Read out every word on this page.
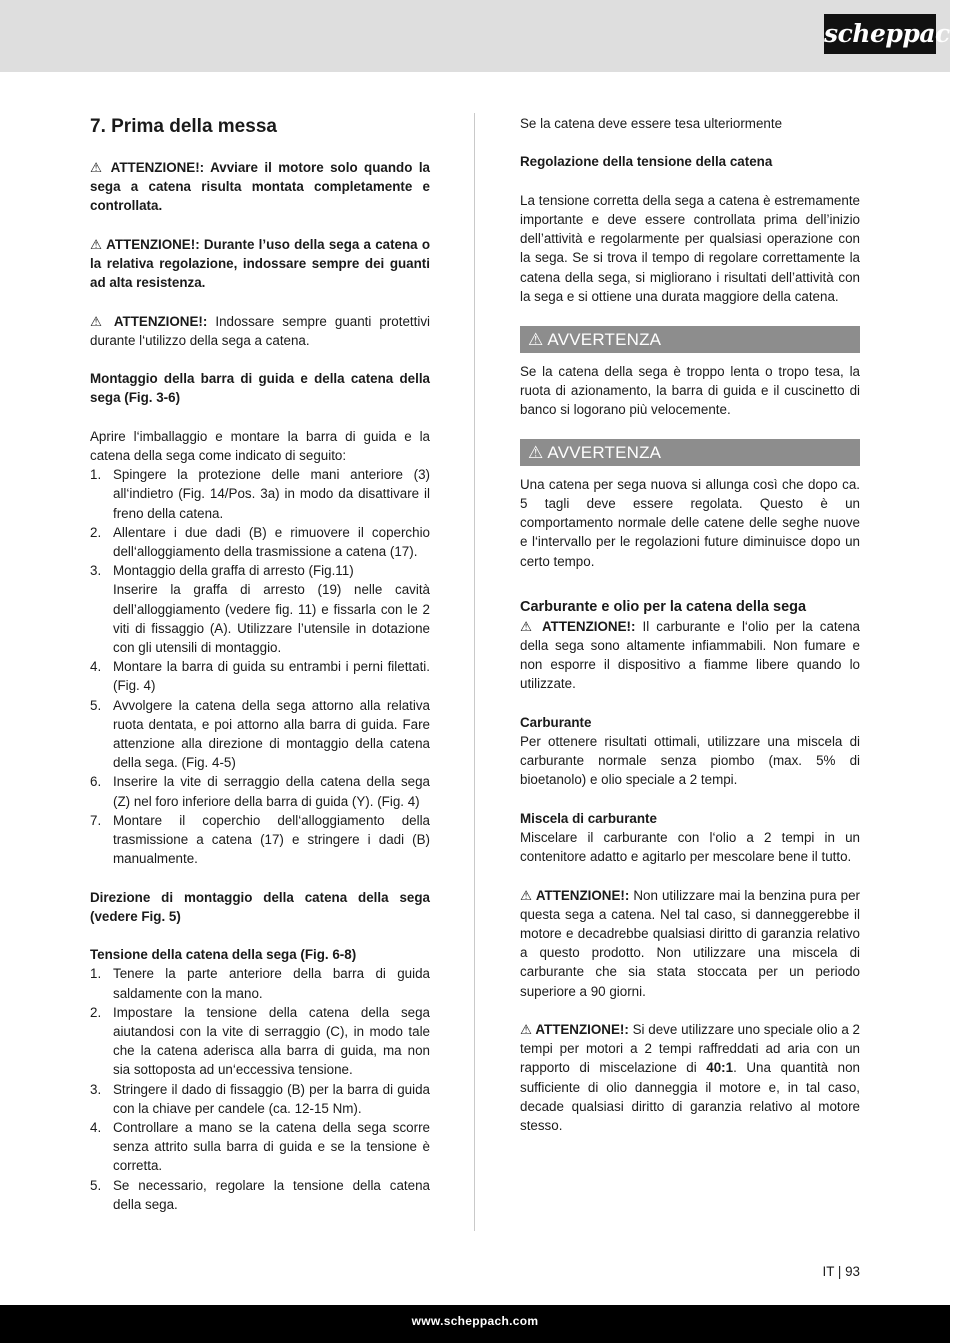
scheppach
7. Prima della messa

⚠ ATTENZIONE!: Avviare il motore solo quando la sega a catena risulta montata completamente e controllata.

⚠ ATTENZIONE!: Durante l’uso della sega a catena o la relativa regolazione, indossare sempre dei guanti ad alta resistenza.

⚠ ATTENZIONE!: Indossare sempre guanti protettivi durante l‘utilizzo della sega a catena.

Montaggio della barra di guida e della catena della sega (Fig. 3-6)

Aprire l‘imballaggio e montare la barra di guida e la catena della sega come indicato di seguito:

1. Spingere la protezione delle mani anteriore (3) all‘indietro (Fig. 14/Pos. 3a) in modo da disattivare il freno della catena.
2. Allentare i due dadi (B) e rimuovere il coperchio dell‘alloggiamento della trasmissione a catena (17).
3. Montaggio della graffa di arresto (Fig.11)
Inserire la graffa di arresto (19) nelle cavità dell’alloggiamento (vedere fig. 11) e fissarla con le 2 viti di fissaggio (A). Utilizzare l’utensile in dotazione con gli utensili di montaggio.
4. Montare la barra di guida su entrambi i perni filettati. (Fig. 4)
5. Avvolgere la catena della sega attorno alla relativa ruota dentata, e poi attorno alla barra di guida. Fare attenzione alla direzione di montaggio della catena della sega. (Fig. 4-5)
6. Inserire la vite di serraggio della catena della sega (Z) nel foro inferiore della barra di guida (Y). (Fig. 4)
7. Montare il coperchio dell‘alloggiamento della trasmissione a catena (17) e stringere i dadi (B) manualmente.

Direzione di montaggio della catena della sega (vedere Fig. 5)

Tensione della catena della sega (Fig. 6-8)

1. Tenere la parte anteriore della barra di guida saldamente con la mano.
2. Impostare la tensione della catena della sega aiutandosi con la vite di serraggio (C), in modo tale che la catena aderisca alla barra di guida, ma non sia sottoposta ad un‘eccessiva tensione.
3. Stringere il dado di fissaggio (B) per la barra di guida con la chiave per candele (ca. 12-15 Nm).
4. Controllare a mano se la catena della sega scorre senza attrito sulla barra di guida e se la tensione è corretta.
5. Se necessario, regolare la tensione della catena della sega.

Se la catena deve essere tesa ulteriormente

Regolazione della tensione della catena

La tensione corretta della sega a catena è estremamente importante e deve essere controllata prima dell’inizio dell’attività e regolarmente per qualsiasi operazione con la sega. Se si trova il tempo di regolare correttamente la catena della sega, si migliorano i risultati dell’attività con la sega e si ottiene una durata maggiore della catena.

⚠ AVVERTENZA

Se la catena della sega è troppo lenta o tropo tesa, la ruota di azionamento, la barra di guida e il cuscinetto di banco si logorano più velocemente.

⚠ AVVERTENZA

Una catena per sega nuova si allunga così che dopo ca. 5 tagli deve essere regolata. Questo è un comportamento normale delle catene delle seghe nuove e l‘intervallo per le regolazioni future diminuisce dopo un certo tempo.

Carburante e olio per la catena della sega

⚠ ATTENZIONE!: Il carburante e l‘olio per la catena della sega sono altamente infiammabili. Non fumare e non esporre il dispositivo a fiamme libere quando lo utilizzate.

Carburante

Per ottenere risultati ottimali, utilizzare una miscela di carburante normale senza piombo (max. 5% di bioetanolo) e olio speciale a 2 tempi.

Miscela di carburante

Miscelare il carburante con l‘olio a 2 tempi in un contenitore adatto e agitarlo per mescolare bene il tutto.

⚠ ATTENZIONE!: Non utilizzare mai la benzina pura per questa sega a catena. Nel tal caso, si danneggerebbe il motore e decadrebbe qualsiasi diritto di garanzia relativo a questo prodotto. Non utilizzare una miscela di carburante che sia stata stoccata per un periodo superiore a 90 giorni.

⚠ ATTENZIONE!: Si deve utilizzare uno speciale olio a 2 tempi per motori a 2 tempi raffreddati ad aria con un rapporto di miscelazione di 40:1. Una quantità non sufficiente di olio danneggia il motore e, in tal caso, decade qualsiasi diritto di garanzia relativo al motore stesso.

IT | 93
www.scheppach.com
